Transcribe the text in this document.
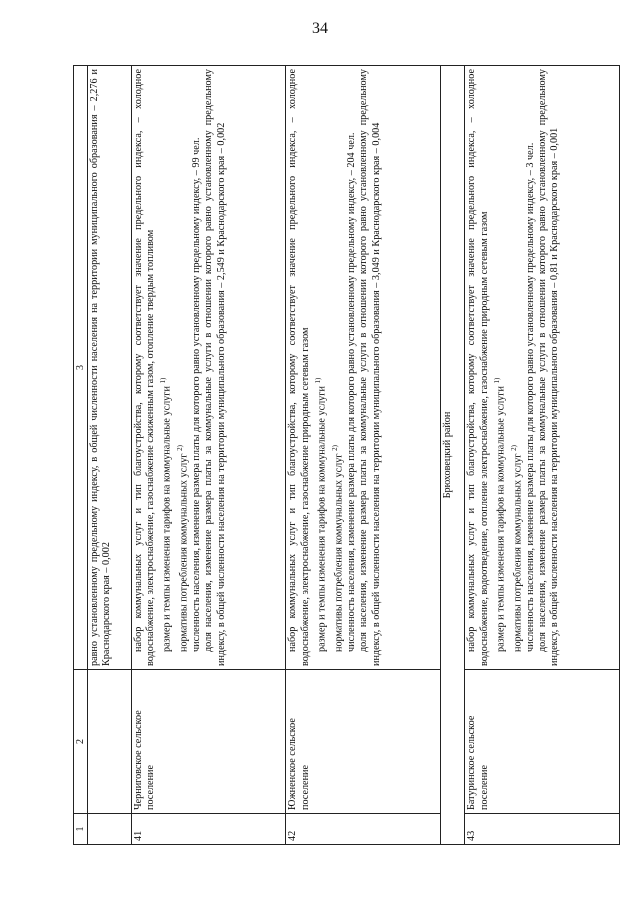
34
1	2	3

		равно установленному предельному индексу, в общей численности населения на территории муниципального образования – 2,276 и Краснодарского края – 0,002

41	Черниговское сельское поселение	набор коммунальных услуг и тип благоустройства, которому соответствует значение предельного индекса, – холодное водоснабжение, электроснабжение, газоснабжение сжиженным газом, отопление твердым топливом размер и темпы изменения тарифов на коммунальные услуги $^{1)}$
нормативы потребления коммунальных услуг $^{2)}$ численность населения, изменение размера платы для которого равно установленному предельному индексу, – 99 чел. доля населения, изменение размера платы за коммунальные услуги в отношении которого равно установленному предельному индексу, в общей численности населения на территории муниципального образования – 2,549 и Краснодарского края – 0,002

42	Южненское сельское поселение	набор коммунальных услуг и тип благоустройства, которому соответствует значение предельного индекса, – холодное водоснабжение, электроснабжение, газоснабжение природным сетевым газом размер и темпы изменения тарифов на коммунальные услуги $^{1)}$
нормативы потребления коммунальных услуг $^{2)}$ численность населения, изменение размера платы для которого равно установленному предельному индексу, – 204 чел. доля населения, изменение размера платы за коммунальные услуги в отношении которого равно установленному предельному индексу, в общей численности населения на территории муниципального образования – 3,049 и Краснодарского края – 0,004

Брюховецкий район		
43	Батуринское сельское поселение	набор коммунальных услуг и тип благоустройства, которому соответствует значение предельного индекса, – холодное водоснабжение, водоотведение, отопление электроснабжение, газоснабжение природным сетевым газом размер и темпы изменения тарифов на коммунальные услуги $^{1)}$
нормативы потребления коммунальных услуг $^{2)}$ численность населения, изменение размера платы для которого равно установленному предельному индексу, – 3 чел. доля населения, изменение размера платы за коммунальные услуги в отношении которого равно установленному предельному индексу, в общей численности населения на территории муниципального образования – 0,81 и Краснодарского края – 0,001
